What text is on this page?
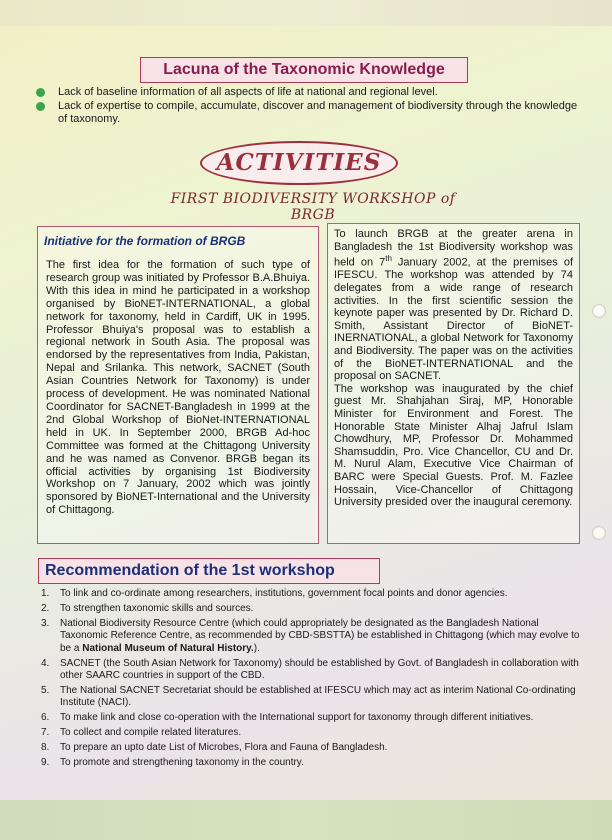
Lacuna of the Taxonomic Knowledge
Lack of baseline information of all aspects of life at national and regional level.
Lack of expertise to compile, accumulate, discover and management of biodiversity through the knowledge of taxonomy.
ACTIVITIES
FIRST BIODIVERSITY WORKSHOP of BRGB
Initiative for the formation of BRGB

The first idea for the formation of such type of research group was initiated by Professor B.A.Bhuiya. With this idea in mind he participated in a workshop organised by BioNET-INTERNATIONAL, a global network for taxonomy, held in Cardiff, UK in 1995. Professor Bhuiya's proposal was to establish a regional network in South Asia. The proposal was endorsed by the representatives from India, Pakistan, Nepal and Srilanka. This network, SACNET (South Asian Countries Network for Taxonomy) is under process of development. He was nominated National Coordinator for SACNET-Bangladesh in 1999 at the 2nd Global Workshop of BioNet-INTERNATIONAL held in UK. In September 2000, BRGB Ad-hoc Committee was formed at the Chittagong University and he was named as Convenor. BRGB began its official activities by organising 1st Biodiversity Workshop on 7 January, 2002 which was jointly sponsored by BioNET-International and the University of Chittagong.

To launch BRGB at the greater arena in Bangladesh the 1st Biodiversity workshop was held on 7th January 2002, at the premises of IFESCU. The workshop was attended by 74 delegates from a wide range of research activities. In the first scientific session the keynote paper was presented by Dr. Richard D. Smith, Assistant Director of BioNET-INERNATIONAL, a global Network for Taxonomy and Biodiversity. The paper was on the activities of the BioNET-INTERNATIONAL and the proposal on SACNET.

The workshop was inaugurated by the chief guest Mr. Shahjahan Siraj, MP, Honorable Minister for Environment and Forest. The Honorable State Minister Alhaj Jafrul Islam Chowdhury, MP, Professor Dr. Mohammed Shamsuddin, Pro. Vice Chancellor, CU and Dr. M. Nurul Alam, Executive Vice Chairman of BARC were Special Guests. Prof. M. Fazlee Hossain, Vice-Chancellor of Chittagong University presided over the inaugural ceremony.

Recommendation of the 1st workshop
1. To link and co-ordinate among researchers, institutions, government focal points and donor agencies.
2. To strengthen taxonomic skills and sources.
3. National Biodiversity Resource Centre (which could appropriately be designated as the Bangladesh National Taxonomic Reference Centre, as recommended by CBD-SBSTTA) be established in Chittagong (which may evolve to be a National Museum of Natural History.).
4. SACNET (the South Asian Network for Taxonomy) should be established by Govt. of Bangladesh in collaboration with other SAARC countries in support of the CBD.
5. The National SACNET Secretariat should be established at IFESCU which may act as interim National Co-ordinating Institute (NACI).
6. To make link and close co-operation with the International support for taxonomy through different initiatives.
7. To collect and compile related literatures.
8. To prepare an upto date List of Microbes, Flora and Fauna of Bangladesh.
9. To promote and strengthening taxonomy in the country.
